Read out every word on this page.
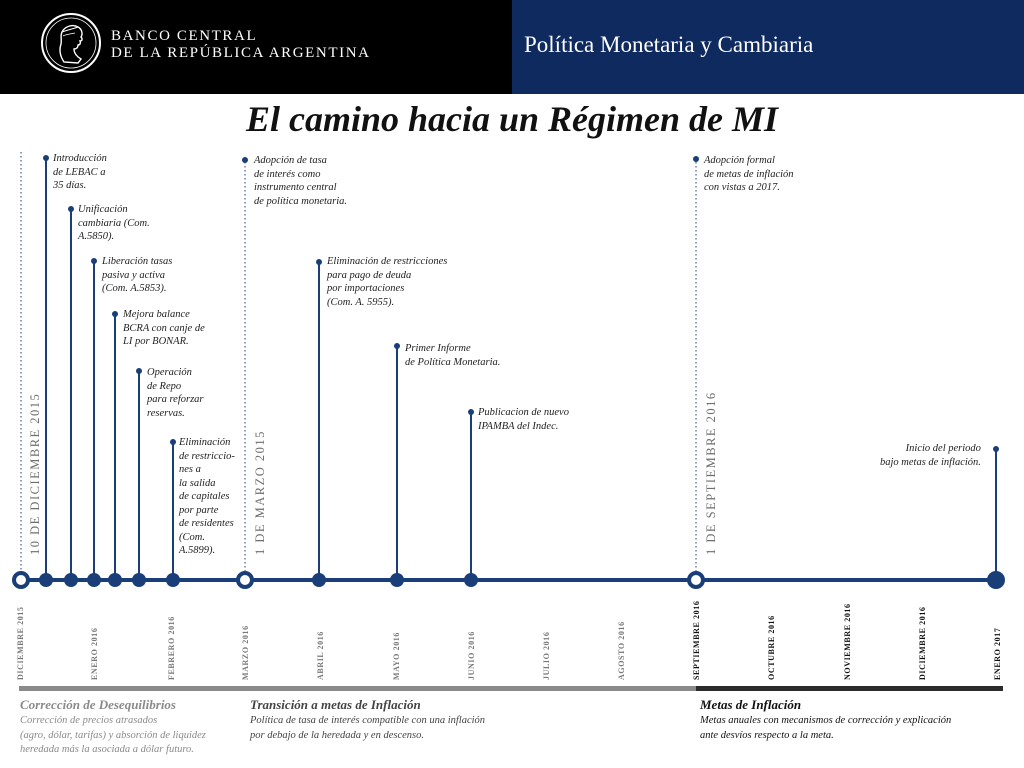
BANCO CENTRAL
DE LA REPÚBLICA ARGENTINA	Política Monetaria y Cambiaria
El camino hacia un Régimen de MI
10 DE DICIEMBRE 2015	1 DE MARZO 2015	1 DE SEPTIEMBRE 2016
Introducción
de LEBAC a
35 días.
Unificación
cambiaria (Com.
A.5850).
Liberación tasas
pasiva y activa
(Com. A.5853).
Mejora balance
BCRA con canje de
LI por BONAR.
Operación
de Repo
para reforzar
reservas.
Eliminación
de restriccio-
nes a
la salida
de capitales
por parte
de residentes
(Com.
A.5899).
Adopción de tasa
de interés como
instrumento central
de política monetaria.
Eliminación de restricciones
para pago de deuda
por importaciones
(Com. A. 5955).
Primer Informe
de Política Monetaria.
Publicacion de nuevo
IPAMBA del Indec.
Adopción formal
de metas de inflación
con vistas a 2017.
Inicio del periodo
bajo metas de inflación.
DICIEMBRE 2015	ENERO 2016	FEBRERO 2016	MARZO 2016	ABRIL 2016	MAYO 2016	JUNIO 2016	JULIO 2016	AGOSTO 2016	SEPTIEMBRE 2016	OCTUBRE 2016	NOVIEMBRE 2016	DICIEMBRE 2016	ENERO 2017
Corrección de Desequilibrios
Corrección de precios atrasados
(agro, dólar, tarifas) y absorción de liquidez
heredada más la asociada a dólar futuro.
Transición a metas de Inflación
Política de tasa de interés compatible con una inflación
por debajo de la heredada y en descenso.
Metas de Inflación
Metas anuales con mecanismos de corrección y explicación
ante desvíos respecto a la meta.
